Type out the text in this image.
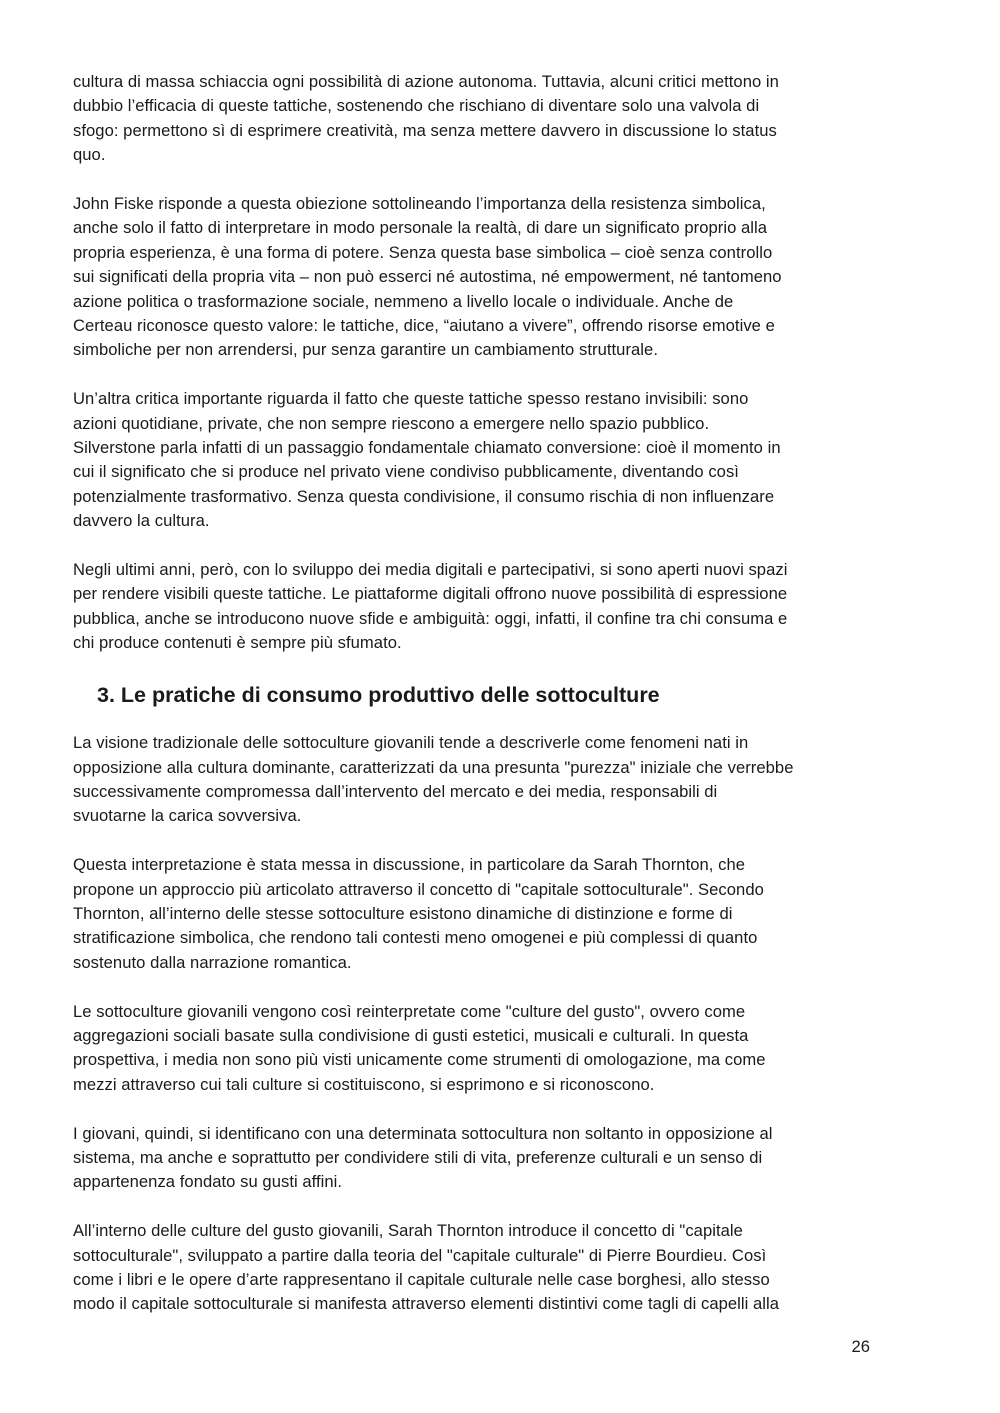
cultura di massa schiaccia ogni possibilità di azione autonoma. Tuttavia, alcuni critici mettono in
dubbio l’efficacia di queste tattiche, sostenendo che rischiano di diventare solo una valvola di
sfogo: permettono sì di esprimere creatività, ma senza mettere davvero in discussione lo status
quo.

John Fiske risponde a questa obiezione sottolineando l’importanza della resistenza simbolica,
anche solo il fatto di interpretare in modo personale la realtà, di dare un significato proprio alla
propria esperienza, è una forma di potere. Senza questa base simbolica – cioè senza controllo
sui significati della propria vita – non può esserci né autostima, né empowerment, né tantomeno
azione politica o trasformazione sociale, nemmeno a livello locale o individuale. Anche de
Certeau riconosce questo valore: le tattiche, dice, “aiutano a vivere”, offrendo risorse emotive e
simboliche per non arrendersi, pur senza garantire un cambiamento strutturale.

Un’altra critica importante riguarda il fatto che queste tattiche spesso restano invisibili: sono
azioni quotidiane, private, che non sempre riescono a emergere nello spazio pubblico.
Silverstone parla infatti di un passaggio fondamentale chiamato conversione: cioè il momento in
cui il significato che si produce nel privato viene condiviso pubblicamente, diventando così
potenzialmente trasformativo. Senza questa condivisione, il consumo rischia di non influenzare
davvero la cultura.

Negli ultimi anni, però, con lo sviluppo dei media digitali e partecipativi, si sono aperti nuovi spazi
per rendere visibili queste tattiche. Le piattaforme digitali offrono nuove possibilità di espressione
pubblica, anche se introducono nuove sfide e ambiguità: oggi, infatti, il confine tra chi consuma e
chi produce contenuti è sempre più sfumato.

3. Le pratiche di consumo produttivo delle sottoculture

La visione tradizionale delle sottoculture giovanili tende a descriverle come fenomeni nati in
opposizione alla cultura dominante, caratterizzati da una presunta "purezza" iniziale che verrebbe
successivamente compromessa dall’intervento del mercato e dei media, responsabili di
svuotarne la carica sovversiva.

Questa interpretazione è stata messa in discussione, in particolare da Sarah Thornton, che
propone un approccio più articolato attraverso il concetto di "capitale sottoculturale". Secondo
Thornton, all’interno delle stesse sottoculture esistono dinamiche di distinzione e forme di
stratificazione simbolica, che rendono tali contesti meno omogenei e più complessi di quanto
sostenuto dalla narrazione romantica.

Le sottoculture giovanili vengono così reinterpretate come "culture del gusto", ovvero come
aggregazioni sociali basate sulla condivisione di gusti estetici, musicali e culturali. In questa
prospettiva, i media non sono più visti unicamente come strumenti di omologazione, ma come
mezzi attraverso cui tali culture si costituiscono, si esprimono e si riconoscono.

I giovani, quindi, si identificano con una determinata sottocultura non soltanto in opposizione al
sistema, ma anche e soprattutto per condividere stili di vita, preferenze culturali e un senso di
appartenenza fondato su gusti affini.

All’interno delle culture del gusto giovanili, Sarah Thornton introduce il concetto di "capitale
sottoculturale", sviluppato a partire dalla teoria del "capitale culturale" di Pierre Bourdieu. Così
come i libri e le opere d’arte rappresentano il capitale culturale nelle case borghesi, allo stesso
modo il capitale sottoculturale si manifesta attraverso elementi distintivi come tagli di capelli alla

26
